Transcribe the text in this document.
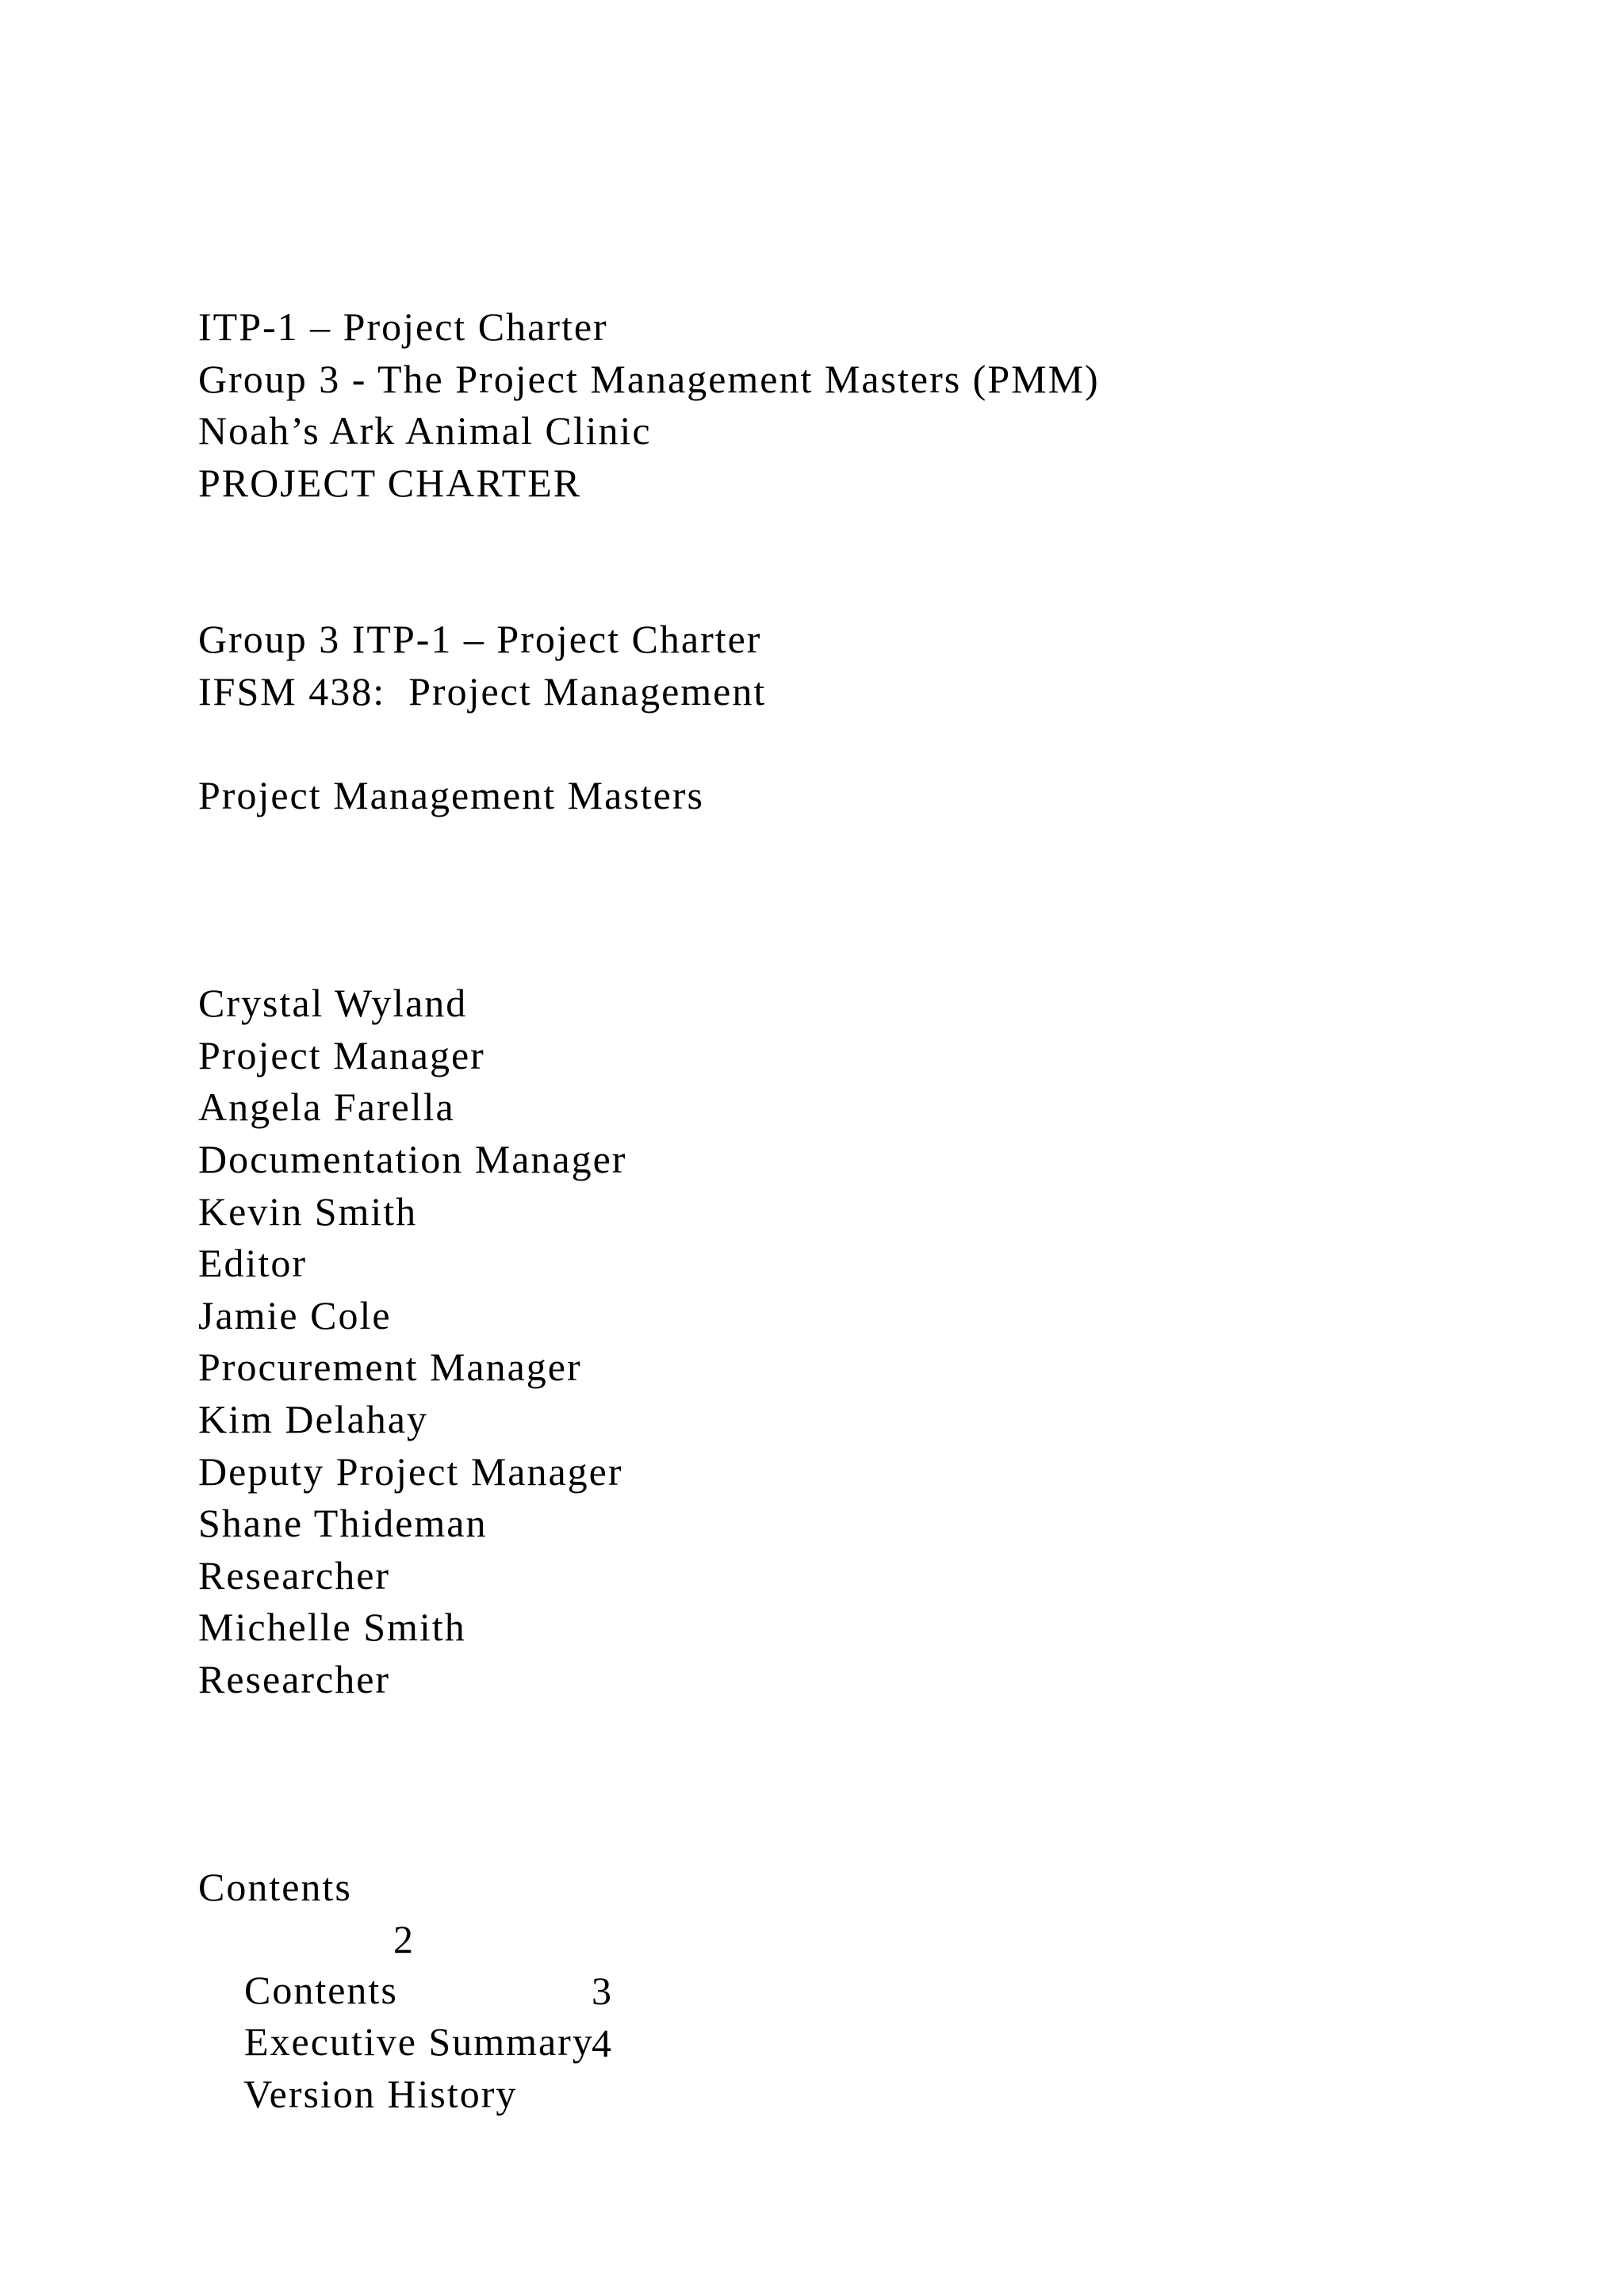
ITP-1 – Project Charter
Group 3 - The Project Management Masters (PMM)
Noah’s Ark Animal Clinic
PROJECT CHARTER
Group 3 ITP-1 – Project Charter
IFSM 438:  Project Management
Project Management Masters
Crystal Wyland
Project Manager
Angela Farella
Documentation Manager
Kevin Smith
Editor
Jamie Cole
Procurement Manager
Kim Delahay
Deputy Project Manager
Shane Thideman
Researcher
Michelle Smith
Researcher
Contents

Contents

2

Executive Summary

3

Version History

4
